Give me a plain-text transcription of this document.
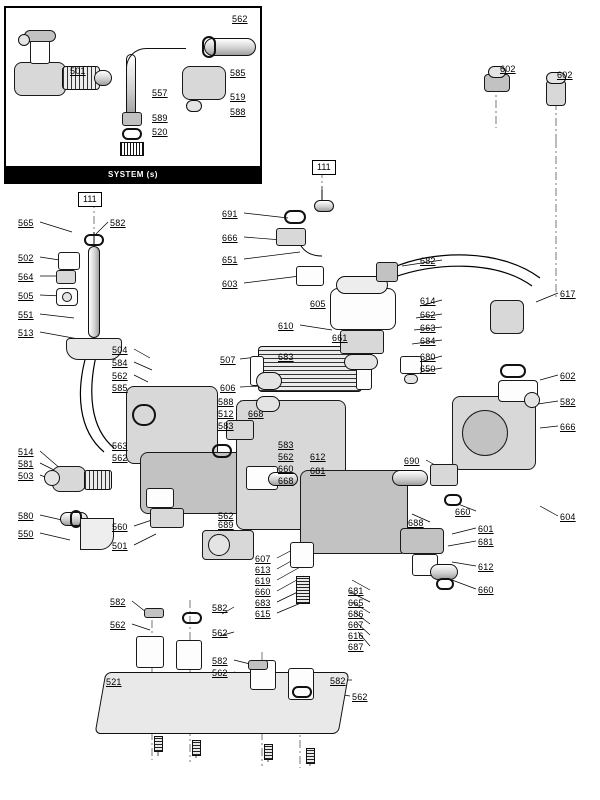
SYSTEM (s)
111
111
562
501	585
557	519
588
589
520
602
602
691
565	582
666
502	651	682
564
603
505
605	614
617
551
610
662
663
513	661	684
504
683	680
507
584
650
562	602
585	606
582
588
512 668
666
583
583
562 612
514
563
660 681
581
562
668
503
690
660
688
580	562
689	601
550
560
681
501
607
612
613
619
660	681	660
683	665
615	686
582
582
667
562
562	616
687
582
562
521	582
562
604
